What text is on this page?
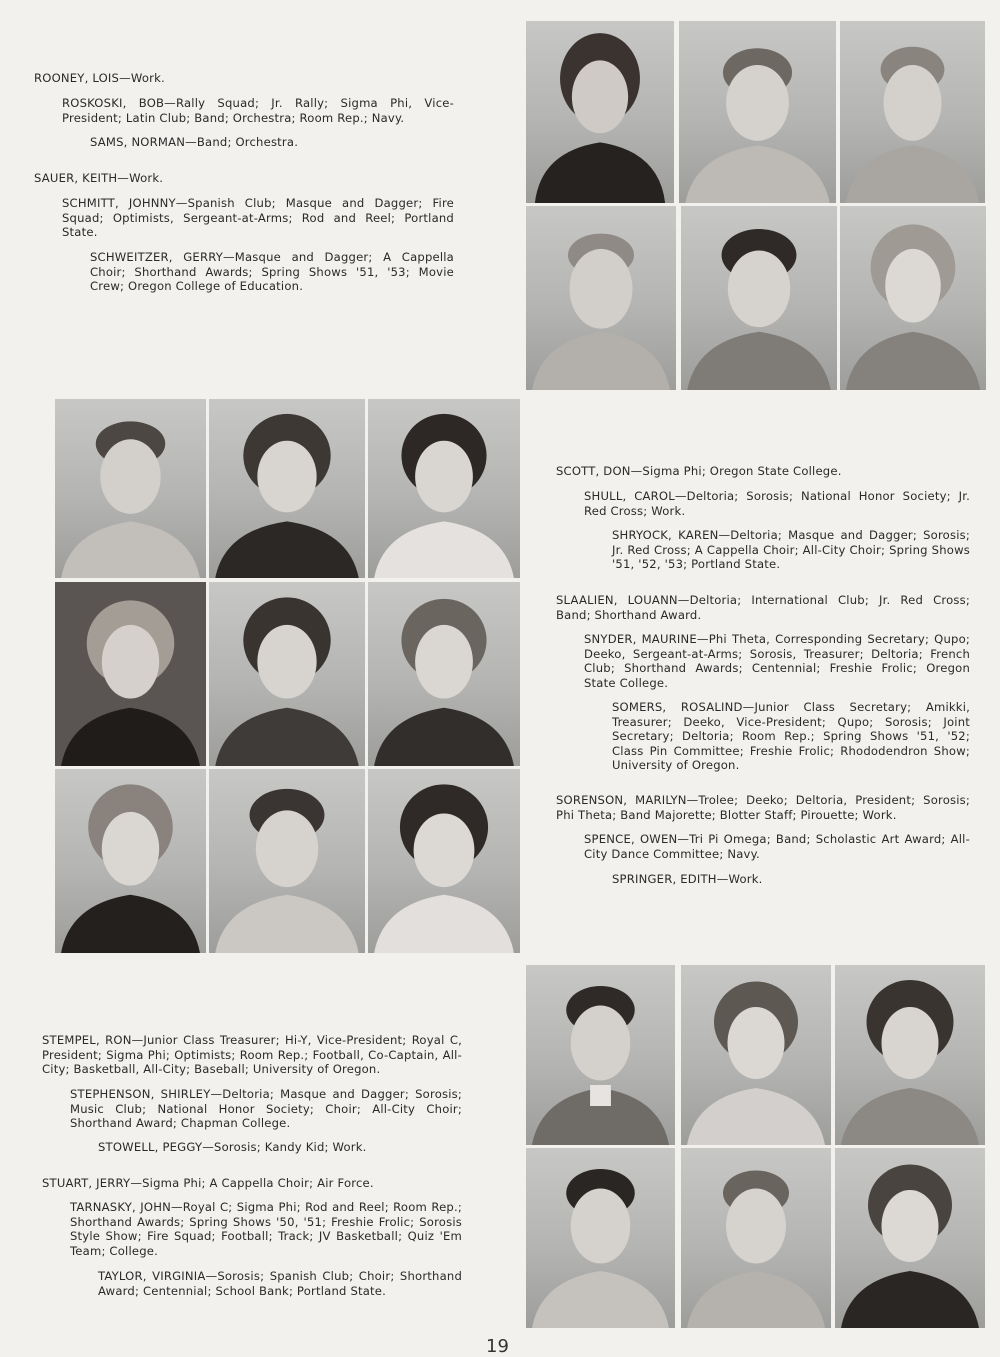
ROONEY, LOIS—Work.
ROSKOSKI, BOB—Rally Squad; Jr. Rally; Sigma Phi, Vice-President; Latin Club; Band; Orchestra; Room Rep.; Navy.
SAMS, NORMAN—Band; Orchestra.
SAUER, KEITH—Work.
SCHMITT, JOHNNY—Spanish Club; Masque and Dagger; Fire Squad; Optimists, Sergeant-at-Arms; Rod and Reel; Portland State.
SCHWEITZER, GERRY—Masque and Dagger; A Cappella Choir; Shorthand Awards; Spring Shows '51, '53; Movie Crew; Oregon College of Education.
SCOTT, DON—Sigma Phi; Oregon State College.
SHULL, CAROL—Deltoria; Sorosis; National Honor Society; Jr. Red Cross; Work.
SHRYOCK, KAREN—Deltoria; Masque and Dagger; Sorosis; Jr. Red Cross; A Cappella Choir; All-City Choir; Spring Shows '51, '52, '53; Portland State.
SLAALIEN, LOUANN—Deltoria; International Club; Jr. Red Cross; Band; Shorthand Award.
SNYDER, MAURINE—Phi Theta, Corresponding Secretary; Qupo; Deeko, Sergeant-at-Arms; Sorosis, Treasurer; Deltoria; French Club; Shorthand Awards; Centennial; Freshie Frolic; Oregon State College.
SOMERS, ROSALIND—Junior Class Secretary; Amikki, Treasurer; Deeko, Vice-President; Qupo; Sorosis; Joint Secretary; Deltoria; Room Rep.; Spring Shows '51, '52; Class Pin Committee; Freshie Frolic; Rhododendron Show; University of Oregon.
SORENSON, MARILYN—Trolee; Deeko; Deltoria, President; Sorosis; Phi Theta; Band Majorette; Blotter Staff; Pirouette; Work.
SPENCE, OWEN—Tri Pi Omega; Band; Scholastic Art Award; All-City Dance Committee; Navy.
SPRINGER, EDITH—Work.
STEMPEL, RON—Junior Class Treasurer; Hi-Y, Vice-President; Royal C, President; Sigma Phi; Optimists; Room Rep.; Football, Co-Captain, All-City; Basketball, All-City; Baseball; University of Oregon.
STEPHENSON, SHIRLEY—Deltoria; Masque and Dagger; Sorosis; Music Club; National Honor Society; Choir; All-City Choir; Shorthand Award; Chapman College.
STOWELL, PEGGY—Sorosis; Kandy Kid; Work.
STUART, JERRY—Sigma Phi; A Cappella Choir; Air Force.
TARNASKY, JOHN—Royal C; Sigma Phi; Rod and Reel; Room Rep.; Shorthand Awards; Spring Shows '50, '51; Freshie Frolic; Sorosis Style Show; Fire Squad; Football; Track; JV Basketball; Quiz 'Em Team; College.
TAYLOR, VIRGINIA—Sorosis; Spanish Club; Choir; Shorthand Award; Centennial; School Bank; Portland State.
19
